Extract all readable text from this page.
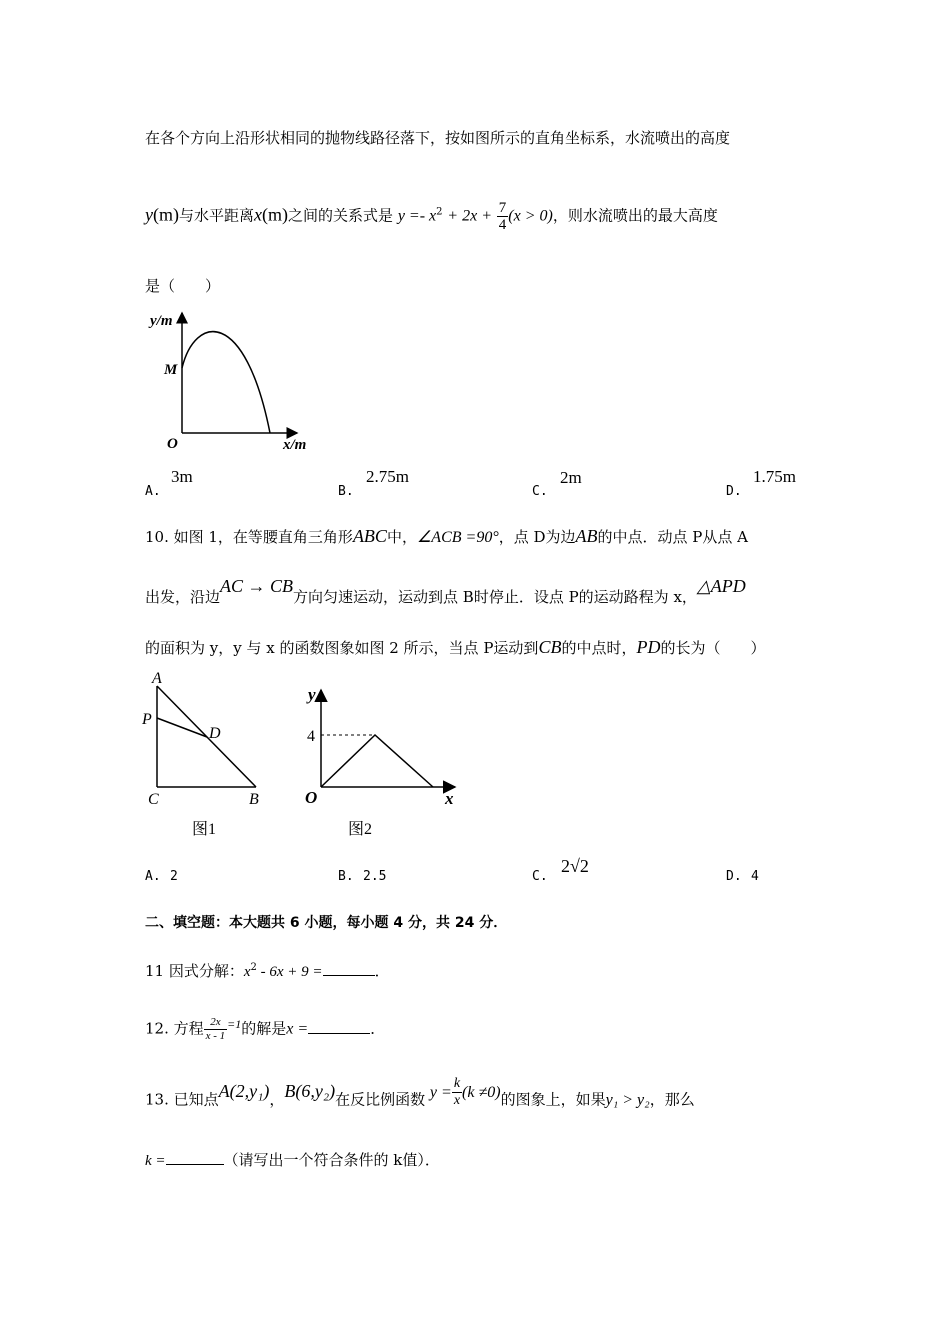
在各个方向上沿形状相同的抛物线路径落下，按如图所示的直角坐标系，水流喷出的高度
y(m)与水平距离x(m)之间的关系式是 $y =- x^2 + 2x + \frac{7}{4} (x > 0)$，则水流喷出的最大高度
是（　　）
y/m
x/m
O
M
A.
3m
B.
2.75m
C.
2m
D.
1.75m
10. 如图 1，在等腰直角三角形ABC中，∠ACB =90°，点 D为边AB的中点．动点 P从点 A
出发，沿边AC → CB方向匀速运动，运动到点 B时停止．设点 P的运动路程为 x，△APD
的面积为 y，y 与 x 的函数图象如图 2 所示，当点 P运动到CB的中点时，PD的长为（　　）
A
P
D
C	B
图1
y
x
O
4
图2
A. 2	B. 2.5	C.
2√2
D. 4
二、填空题：本大题共 6 小题，每小题 4 分，共 24 分．
11 因式分解：$x^2 - 6x + 9$ =	．
12. 方程 $\frac{2x}{x - 1} ^{=1}$的解是x =	．
13. 已知点A(2,y₁)，B(6,y₂)在反比例函数 $y = \frac{k}{x} (k \ne 0)$的图象上，如果y₁ > y₂，那么
k =	（请写出一个符合条件的 k值）．
